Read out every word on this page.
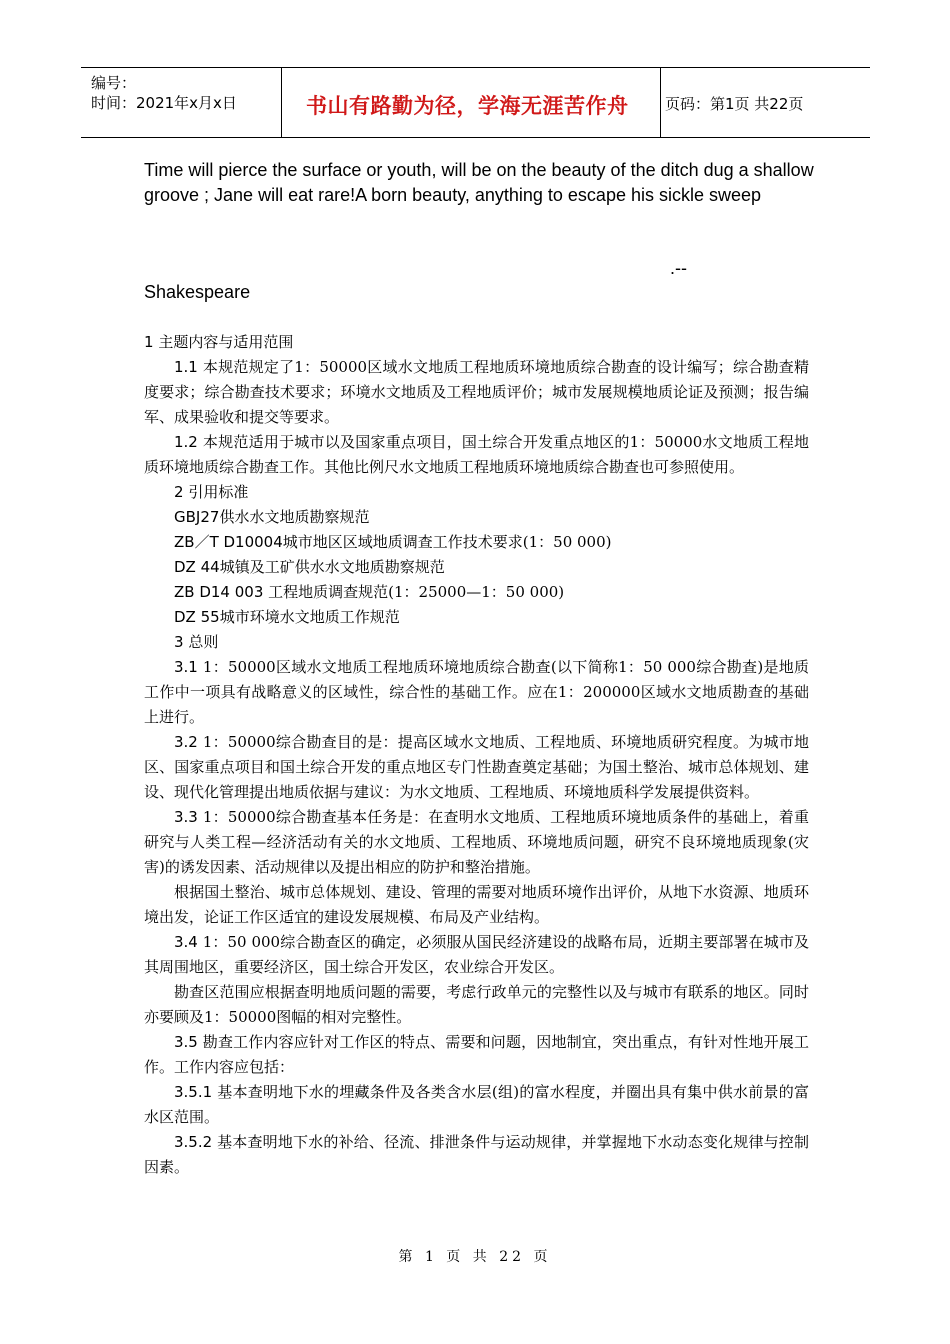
编号：
时间：2021年x月x日	书山有路勤为径，学海无涯苦作舟 页码：第1页 共22页
Time will pierce the surface or youth, will be on the beauty of the ditch dug a shallow groove ; Jane will eat rare!A born beauty, anything to escape his sickle sweep
.--
Shakespeare

1 主题内容与适用范围

1.1 本规范规定了1：50000区域水文地质工程地质环境地质综合勘查的设计编写；综合勘查精度要求；综合勘查技术要求；环境水文地质及工程地质评价；城市发展规模地质论证及预测；报告编军、成果验收和提交等要求。

1.2 本规范适用于城市以及国家重点项目，国土综合开发重点地区的1：50000水文地质工程地质环境地质综合勘查工作。其他比例尺水文地质工程地质环境地质综合勘查也可参照使用。

2 引用标准

GBJ27供水水文地质勘察规范

ZB／T D10004城市地区区域地质调查工作技术要求(1：50 000)

DZ 44城镇及工矿供水水文地质勘察规范

ZB D14 003 工程地质调查规范(1：25000—1：50 000)

DZ 55城市环境水文地质工作规范

3 总则

3.1 1：50000区域水文地质工程地质环境地质综合勘查(以下简称1：50 000综合勘查)是地质工作中一项具有战略意义的区域性，综合性的基础工作。应在1：200000区域水文地质勘查的基础上进行。

3.2 1：50000综合勘查目的是：提高区域水文地质、工程地质、环境地质研究程度。为城市地区、国家重点项目和国土综合开发的重点地区专门性勘查奠定基础；为国土整治、城市总体规划、建设、现代化管理提出地质依据与建议：为水文地质、工程地质、环境地质科学发展提供资料。

3.3 1：50000综合勘查基本任务是：在查明水文地质、工程地质环境地质条件的基础上，着重研究与人类工程—经济活动有关的水文地质、工程地质、环境地质问题，研究不良环境地质现象(灾害)的诱发因素、活动规律以及提出相应的防护和整治措施。

根据国土整治、城市总体规划、建设、管理的需要对地质环境作出评价，从地下水资源、地质环境出发，论证工作区适宜的建设发展规模、布局及产业结构。

3.4 1：50 000综合勘查区的确定，必须服从国民经济建设的战略布局，近期主要部署在城市及其周围地区，重要经济区，国土综合开发区，农业综合开发区。

勘查区范围应根据查明地质问题的需要，考虑行政单元的完整性以及与城市有联系的地区。同时亦要顾及1：50000图幅的相对完整性。

3.5 勘查工作内容应针对工作区的特点、需要和问题，因地制宜，突出重点，有针对性地开展工作。工作内容应包括：

3.5.1 基本查明地下水的埋藏条件及各类含水层(组)的富水程度，并圈出具有集中供水前景的富水区范围。

3.5.2 基本查明地下水的补给、径流、排泄条件与运动规律，并掌握地下水动态变化规律与控制因素。

第 1 页 共 22 页
